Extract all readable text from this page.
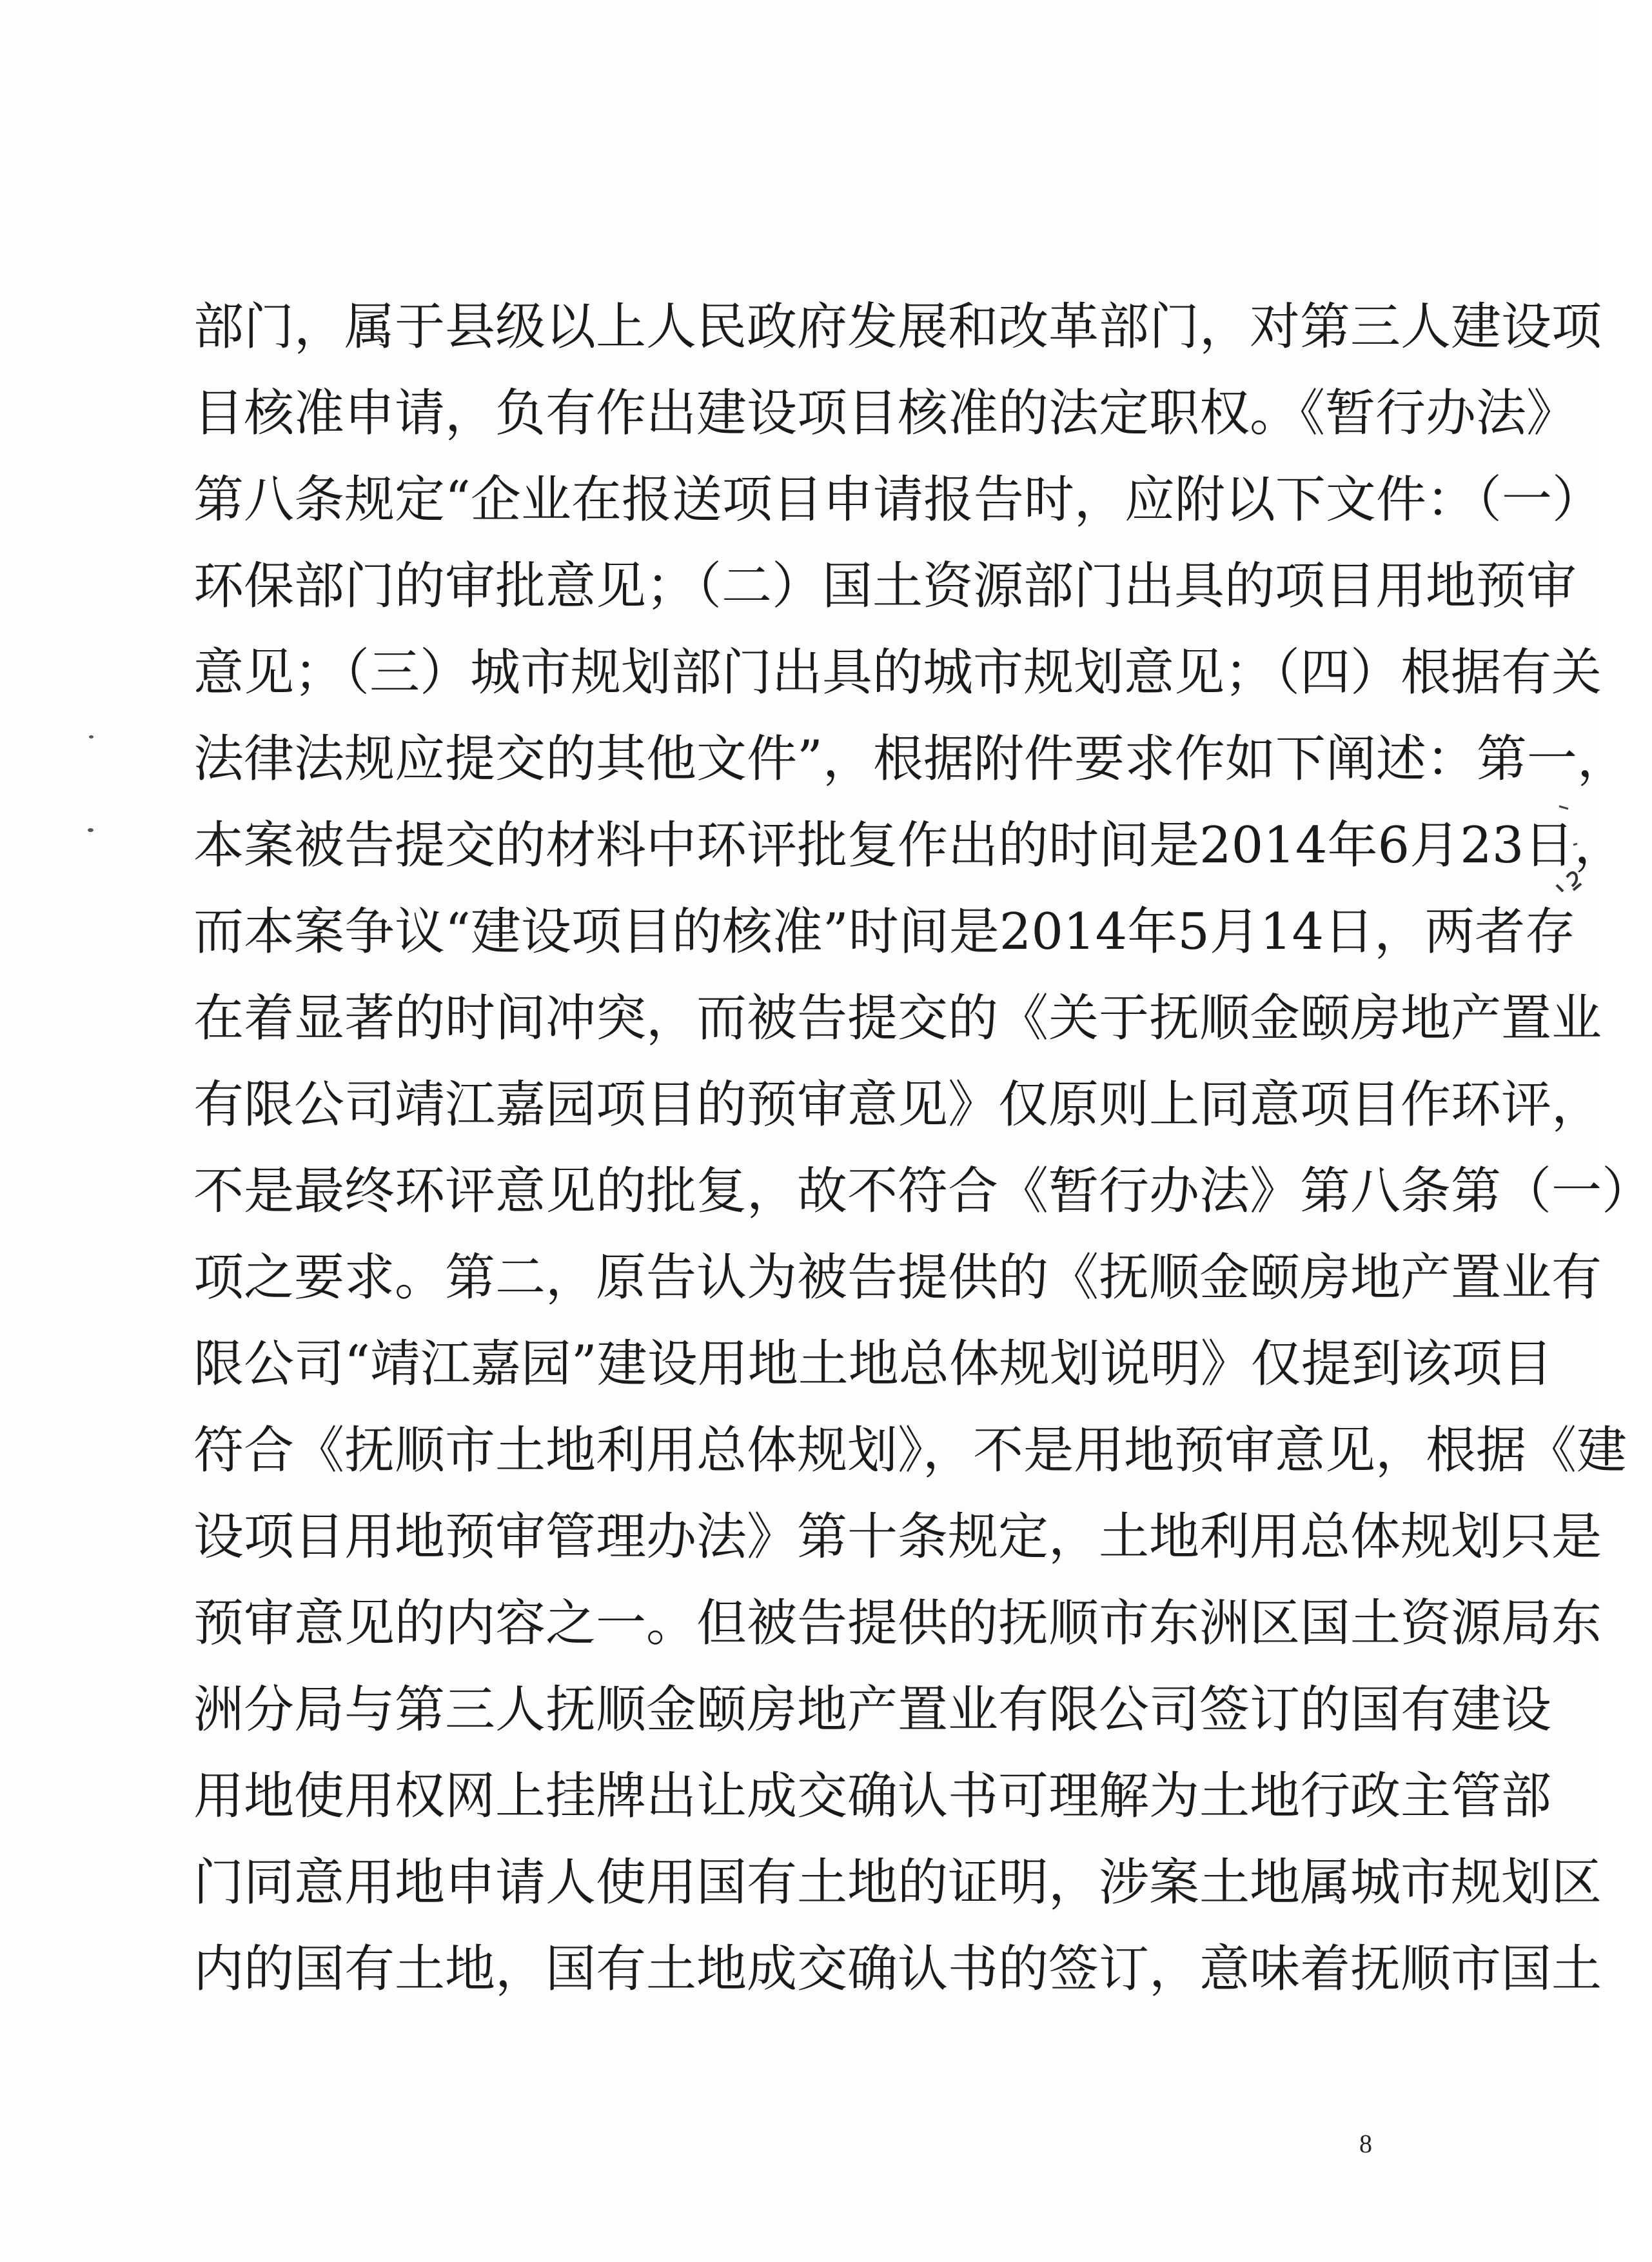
部门，属于县级以上人民政府发展和改革部门，对第三人建设项
目核准申请，负有作出建设项目核准的法定职权。《暂行办法》
第八条规定“企业在报送项目申请报告时，应附以下文件：（一）
环保部门的审批意见；（二）国土资源部门出具的项目用地预审
意见；（三）城市规划部门出具的城市规划意见；（四）根据有关
法律法规应提交的其他文件”，根据附件要求作如下阐述：第一，
本案被告提交的材料中环评批复作出的时间是2014年6月23日，
而本案争议“建设项目的核准”时间是2014年5月14日，两者存
在着显著的时间冲突，而被告提交的《关于抚顺金颐房地产置业
有限公司靖江嘉园项目的预审意见》仅原则上同意项目作环评，
不是最终环评意见的批复，故不符合《暂行办法》第八条第（一）
项之要求。第二，原告认为被告提供的《抚顺金颐房地产置业有
限公司“靖江嘉园”建设用地土地总体规划说明》仅提到该项目
符合《抚顺市土地利用总体规划》，不是用地预审意见，根据《建
设项目用地预审管理办法》第十条规定，土地利用总体规划只是
预审意见的内容之一。但被告提供的抚顺市东洲区国土资源局东
洲分局与第三人抚顺金颐房地产置业有限公司签订的国有建设
用地使用权网上挂牌出让成交确认书可理解为土地行政主管部
门同意用地申请人使用国有土地的证明，涉案土地属城市规划区
内的国有土地，国有土地成交确认书的签订，意味着抚顺市国土
8
